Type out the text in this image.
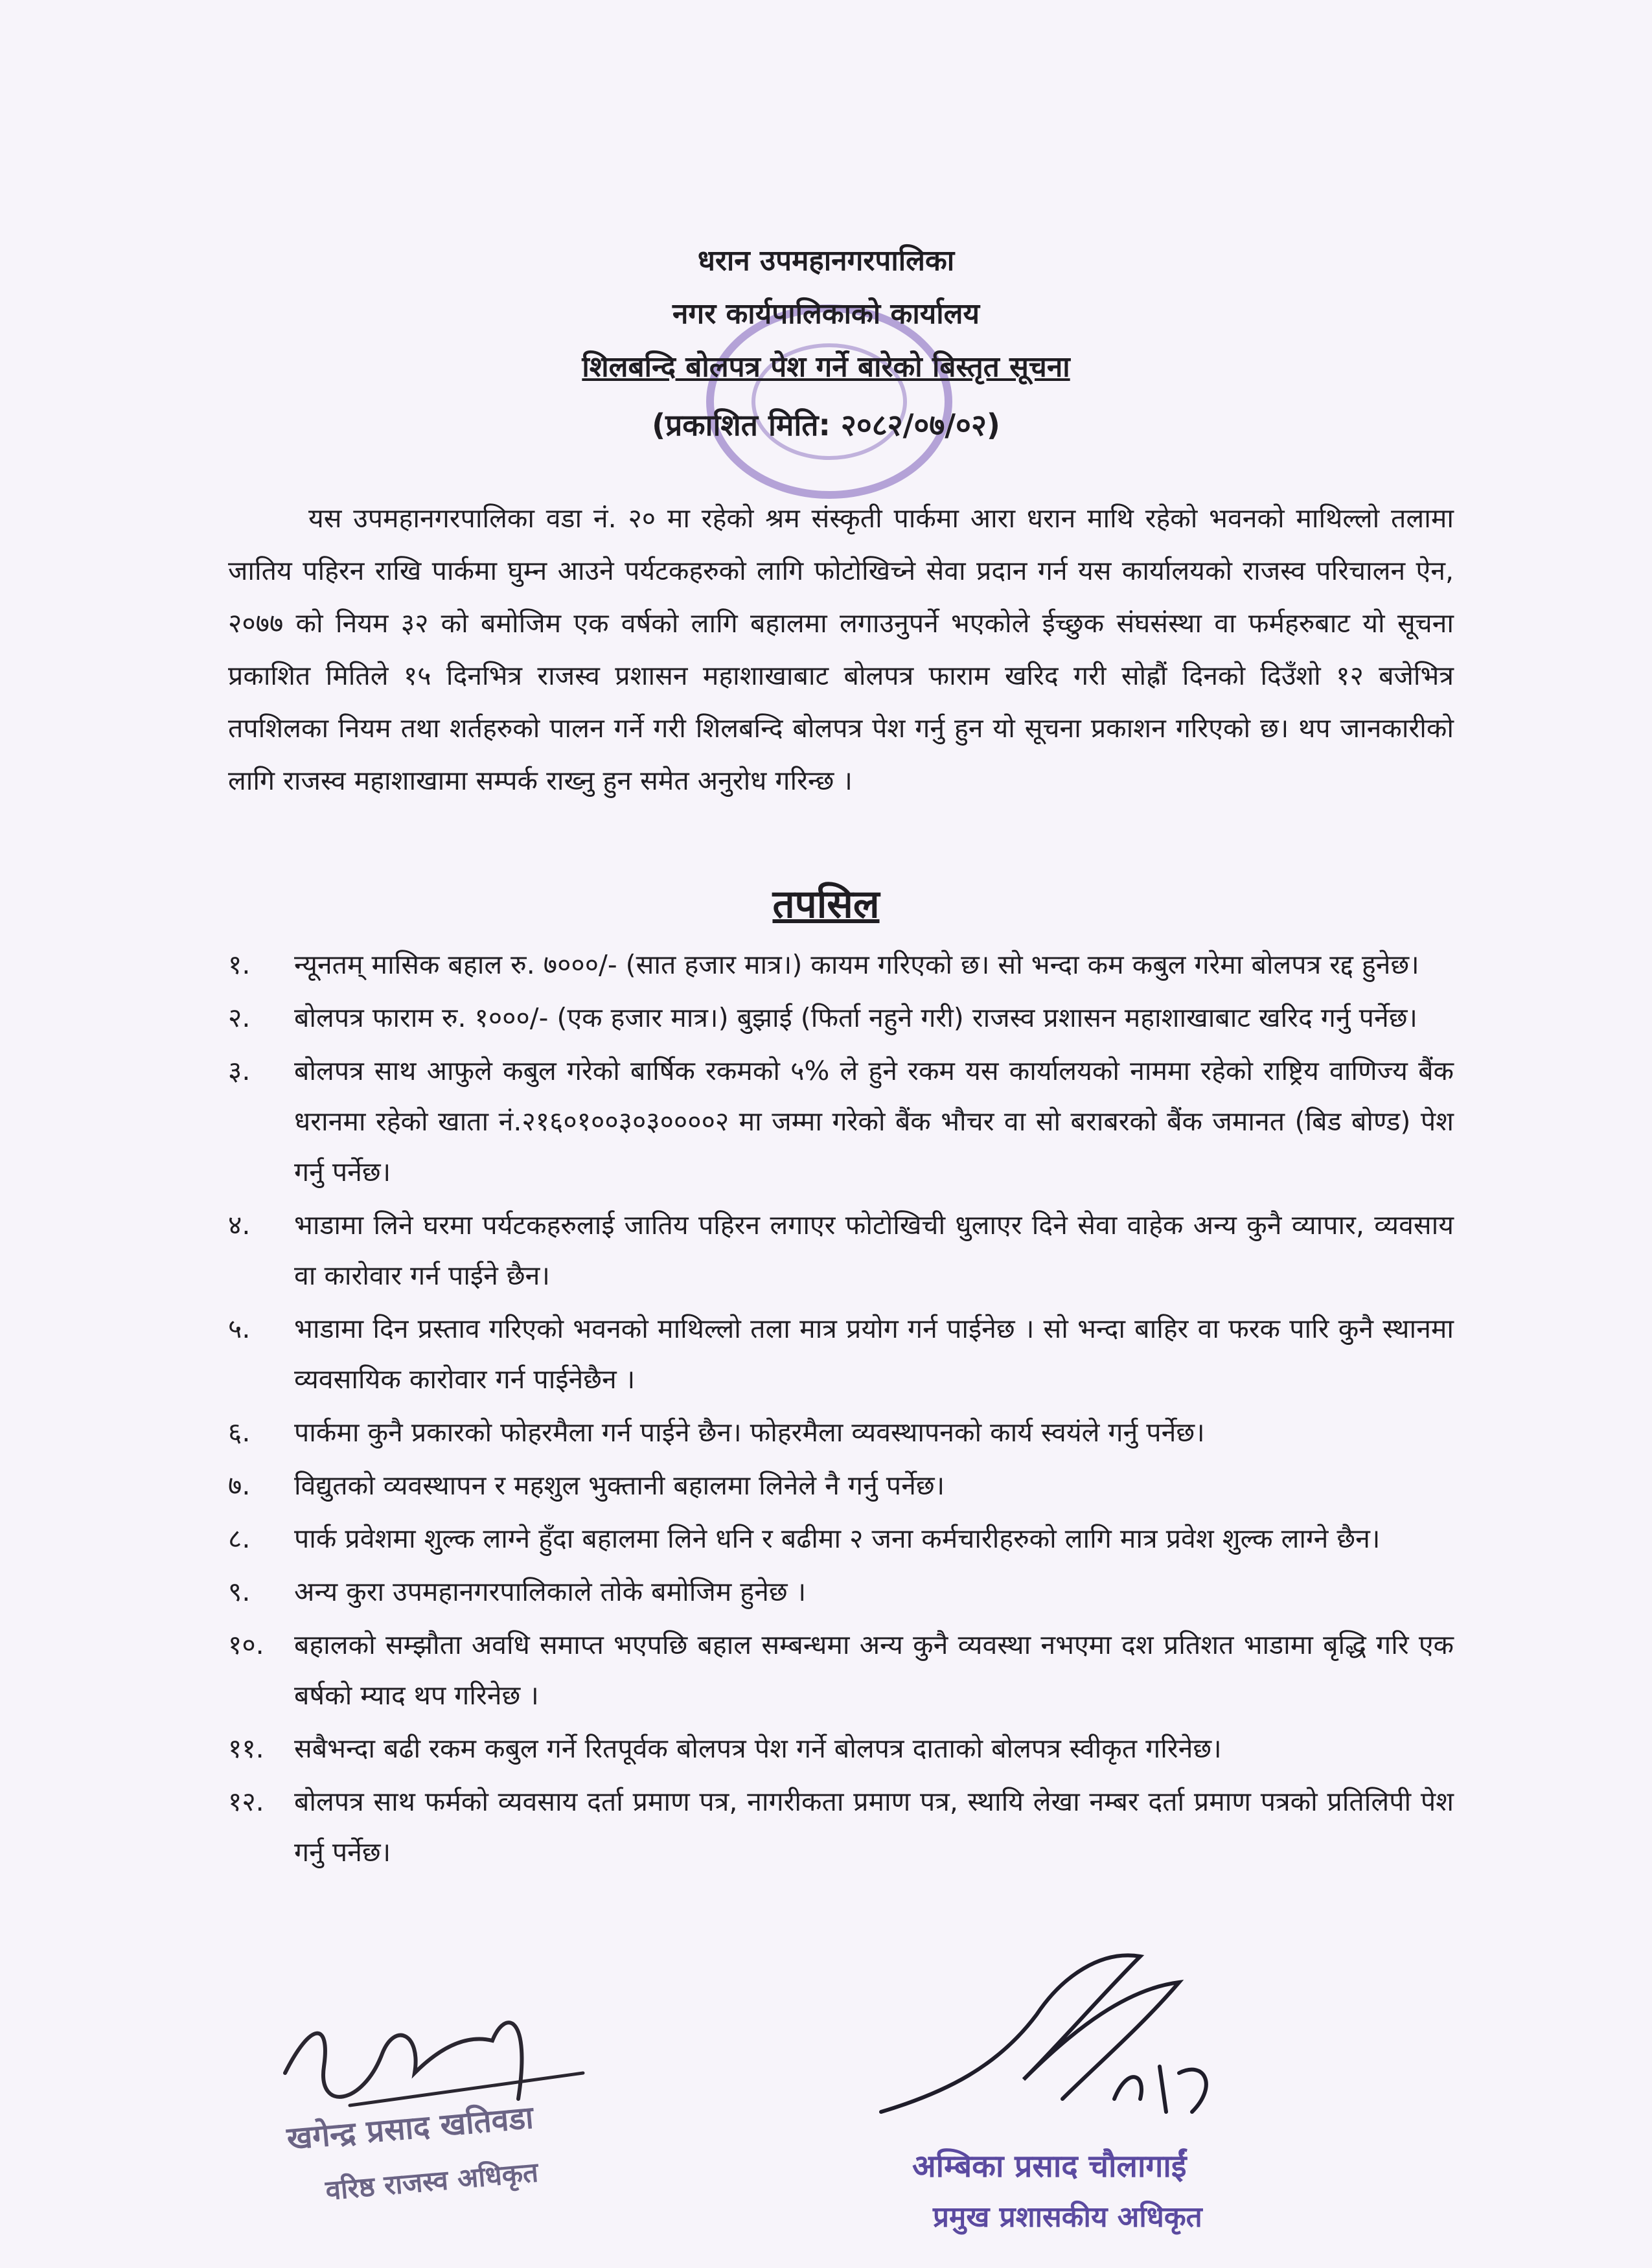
धरान उपमहानगरपालिका
नगर कार्यपालिकाको कार्यालय
शिलबन्दि बोलपत्र पेश गर्ने बारेको बिस्तृत सूचना
(प्रकाशित मिति: २०८२/०७/०२)
यस उपमहानगरपालिका वडा नं. २० मा रहेको श्रम संस्कृती पार्कमा आरा धरान माथि रहेको भवनको माथिल्लो तलामा जातिय पहिरन राखि पार्कमा घुम्न आउने पर्यटकहरुको लागि फोटोखिच्ने सेवा प्रदान गर्न यस कार्यालयको राजस्व परिचालन ऐन, २०७७ को नियम ३२ को बमोजिम एक वर्षको लागि बहालमा लगाउनुपर्ने भएकोले ईच्छुक संघसंस्था वा फर्महरुबाट यो सूचना प्रकाशित मितिले १५ दिनभित्र राजस्व प्रशासन महाशाखाबाट बोलपत्र फाराम खरिद गरी सोह्रौं दिनको दिउँशो १२ बजेभित्र तपशिलका नियम तथा शर्तहरुको पालन गर्ने गरी शिलबन्दि बोलपत्र पेश गर्नु हुन यो सूचना प्रकाशन गरिएको छ। थप जानकारीको लागि राजस्व महाशाखामा सम्पर्क राख्नु हुन समेत अनुरोध गरिन्छ ।
तपसिल
१.	न्यूनतम् मासिक बहाल रु. ७०००/- (सात हजार मात्र।) कायम गरिएको छ। सो भन्दा कम कबुल गरेमा बोलपत्र रद्द हुनेछ।
२.	बोलपत्र फाराम रु. १०००/- (एक हजार मात्र।) बुझाई (फिर्ता नहुने गरी) राजस्व प्रशासन महाशाखाबाट खरिद गर्नु पर्नेछ।
३.	बोलपत्र साथ आफुले कबुल गरेको बार्षिक रकमको ५% ले हुने रकम यस कार्यालयको नाममा रहेको राष्ट्रिय वाणिज्य बैंक धरानमा रहेको खाता नं.२१६०१००३०३००००२ मा जम्मा गरेको बैंक भौचर वा सो बराबरको बैंक जमानत (बिड बोण्ड) पेश गर्नु पर्नेछ।
४.	भाडामा लिने घरमा पर्यटकहरुलाई जातिय पहिरन लगाएर फोटोखिची धुलाएर दिने सेवा वाहेक अन्य कुनै व्यापार, व्यवसाय वा कारोवार गर्न पाईने छैन।
५.	भाडामा दिन प्रस्ताव गरिएको भवनको माथिल्लो तला मात्र प्रयोग गर्न पाईनेछ । सो भन्दा बाहिर वा फरक पारि कुनै स्थानमा व्यवसायिक कारोवार गर्न पाईनेछैन ।
६.	पार्कमा कुनै प्रकारको फोहरमैला गर्न पाईने छैन। फोहरमैला व्यवस्थापनको कार्य स्वयंले गर्नु पर्नेछ।
७.	विद्युतको व्यवस्थापन र महशुल भुक्तानी बहालमा लिनेले नै गर्नु पर्नेछ।
८.	पार्क प्रवेशमा शुल्क लाग्ने हुँदा बहालमा लिने धनि र बढीमा २ जना कर्मचारीहरुको लागि मात्र प्रवेश शुल्क लाग्ने छैन।
९.	अन्य कुरा उपमहानगरपालिकाले तोके बमोजिम हुनेछ ।
१०.	बहालको सम्झौता अवधि समाप्त भएपछि बहाल सम्बन्धमा अन्य कुनै व्यवस्था नभएमा दश प्रतिशत भाडामा बृद्धि गरि एक बर्षको म्याद थप गरिनेछ ।
११.	सबैभन्दा बढी रकम कबुल गर्ने रितपूर्वक बोलपत्र पेश गर्ने बोलपत्र दाताको बोलपत्र स्वीकृत गरिनेछ।
१२.	बोलपत्र साथ फर्मको व्यवसाय दर्ता प्रमाण पत्र, नागरीकता प्रमाण पत्र, स्थायि लेखा नम्बर दर्ता प्रमाण पत्रको प्रतिलिपी पेश गर्नु पर्नेछ।
खगेन्द्र प्रसाद खतिवडा
वरिष्ठ राजस्व अधिकृत	अम्बिका प्रसाद चौलागाईं
प्रमुख प्रशासकीय अधिकृत
